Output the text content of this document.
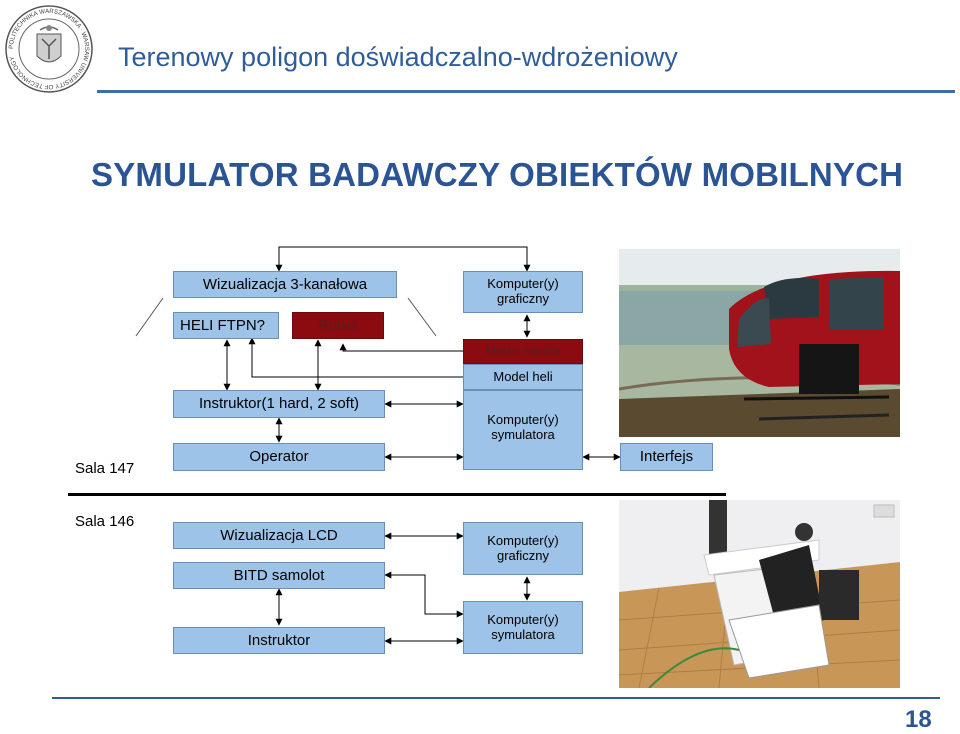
POLITECHNIKA WARSZAWSKA · WARSAW UNIVERSITY OF TECHNOLOGY	Terenowy poligon doświadczalno-wdrożeniowy
SYMULATOR BADAWCZY OBIEKTÓW MOBILNYCH
Wizualizacja 3-kanałowa
HELI FTPN?	Robot
Instruktor(1 hard, 2 soft)
Operator
Komputer(y) graficzny
Model robota
Model heli
Komputer(y) symulatora
Interfejs
Sala 147
Sala 146
Wizualizacja LCD
BITD samolot
Instruktor
Komputer(y) graficzny
Komputer(y) symulatora
18
